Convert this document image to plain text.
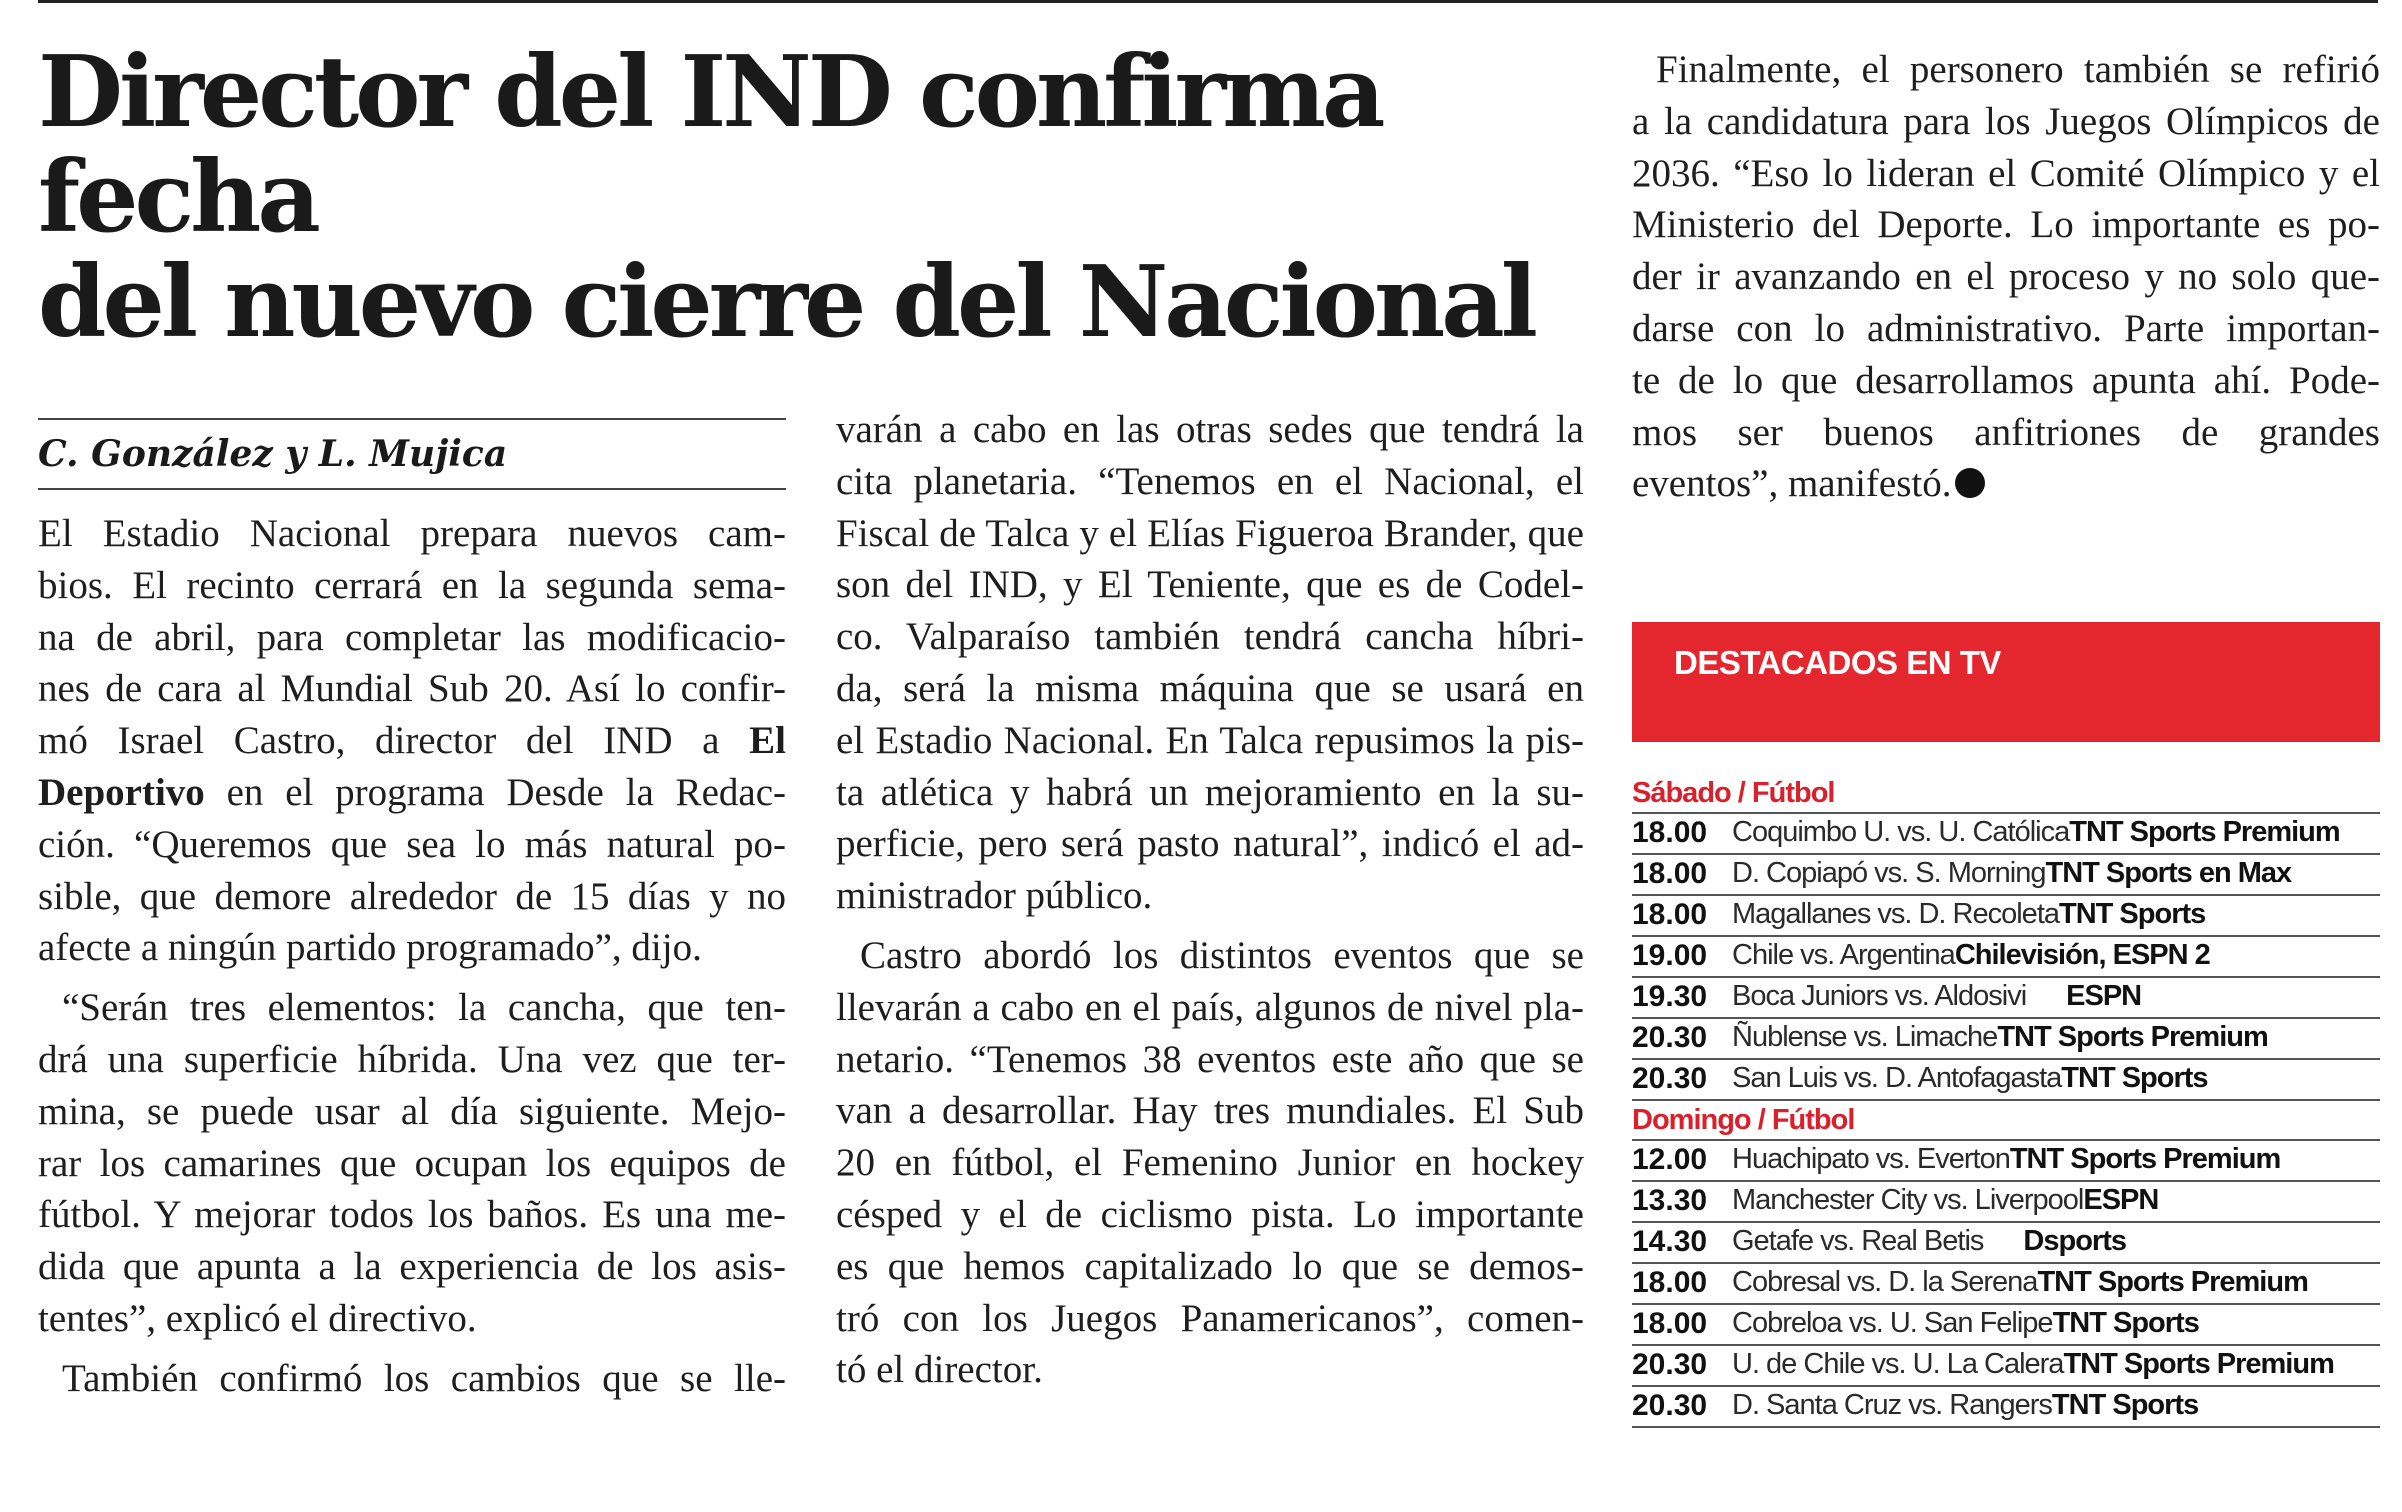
Director del IND confirma fecha
del nuevo cierre del Nacional
C. González y L. Mujica

El Estadio Nacional prepara nuevos cam-

bios. El recinto cerrará en la segunda sema-

na de abril, para completar las modificacio-

nes de cara al Mundial Sub 20. Así lo confir-

mó Israel Castro, director del IND a El

Deportivo en el programa Desde la Redac-

ción. “Queremos que sea lo más natural po-

sible, que demore alrededor de 15 días y no

afecte a ningún partido programado”, dijo.

“Serán tres elementos: la cancha, que ten-

drá una superficie híbrida. Una vez que ter-

mina, se puede usar al día siguiente. Mejo-

rar los camarines que ocupan los equipos de

fútbol. Y mejorar todos los baños. Es una me-

dida que apunta a la experiencia de los asis-

tentes”, explicó el directivo.

También confirmó los cambios que se lle-

varán a cabo en las otras sedes que tendrá la

cita planetaria. “Tenemos en el Nacional, el

Fiscal de Talca y el Elías Figueroa Brander, que

son del IND, y El Teniente, que es de Codel-

co. Valparaíso también tendrá cancha híbri-

da, será la misma máquina que se usará en

el Estadio Nacional. En Talca repusimos la pis-

ta atlética y habrá un mejoramiento en la su-

perficie, pero será pasto natural”, indicó el ad-

ministrador público.

Castro abordó los distintos eventos que se

llevarán a cabo en el país, algunos de nivel pla-

netario. “Tenemos 38 eventos este año que se

van a desarrollar. Hay tres mundiales. El Sub

20 en fútbol, el Femenino Junior en hockey

césped y el de ciclismo pista. Lo importante

es que hemos capitalizado lo que se demos-

tró con los Juegos Panamericanos”, comen-

tó el director.

Finalmente, el personero también se refirió

a la candidatura para los Juegos Olímpicos de

2036. “Eso lo lideran el Comité Olímpico y el

Ministerio del Deporte. Lo importante es po-

der ir avanzando en el proceso y no solo que-

darse con lo administrativo. Parte importan-

te de lo que desarrollamos apunta ahí. Pode-

mos ser buenos anfitriones de grandes

eventos”, manifestó.

DESTACADOS EN TV
Sábado / Fútbol
18.00 Coquimbo U. vs. U. Católica TNT Sports Premium
18.00 D. Copiapó vs. S. Morning TNT Sports en Max
18.00 Magallanes vs. D. Recoleta TNT Sports
19.00 Chile vs. Argentina Chilevisión, ESPN 2
19.30 Boca Juniors vs. Aldosivi ESPN
20.30 Ñublense vs. Limache TNT Sports Premium
20.30 San Luis vs. D. Antofagasta TNT Sports
Domingo / Fútbol
12.00 Huachipato vs. Everton TNT Sports Premium
13.30 Manchester City vs. Liverpool ESPN
14.30 Getafe vs. Real Betis Dsports
18.00 Cobresal vs. D. la Serena TNT Sports Premium
18.00 Cobreloa vs. U. San Felipe TNT Sports
20.30 U. de Chile vs. U. La Calera TNT Sports Premium
20.30 D. Santa Cruz vs. Rangers TNT Sports
